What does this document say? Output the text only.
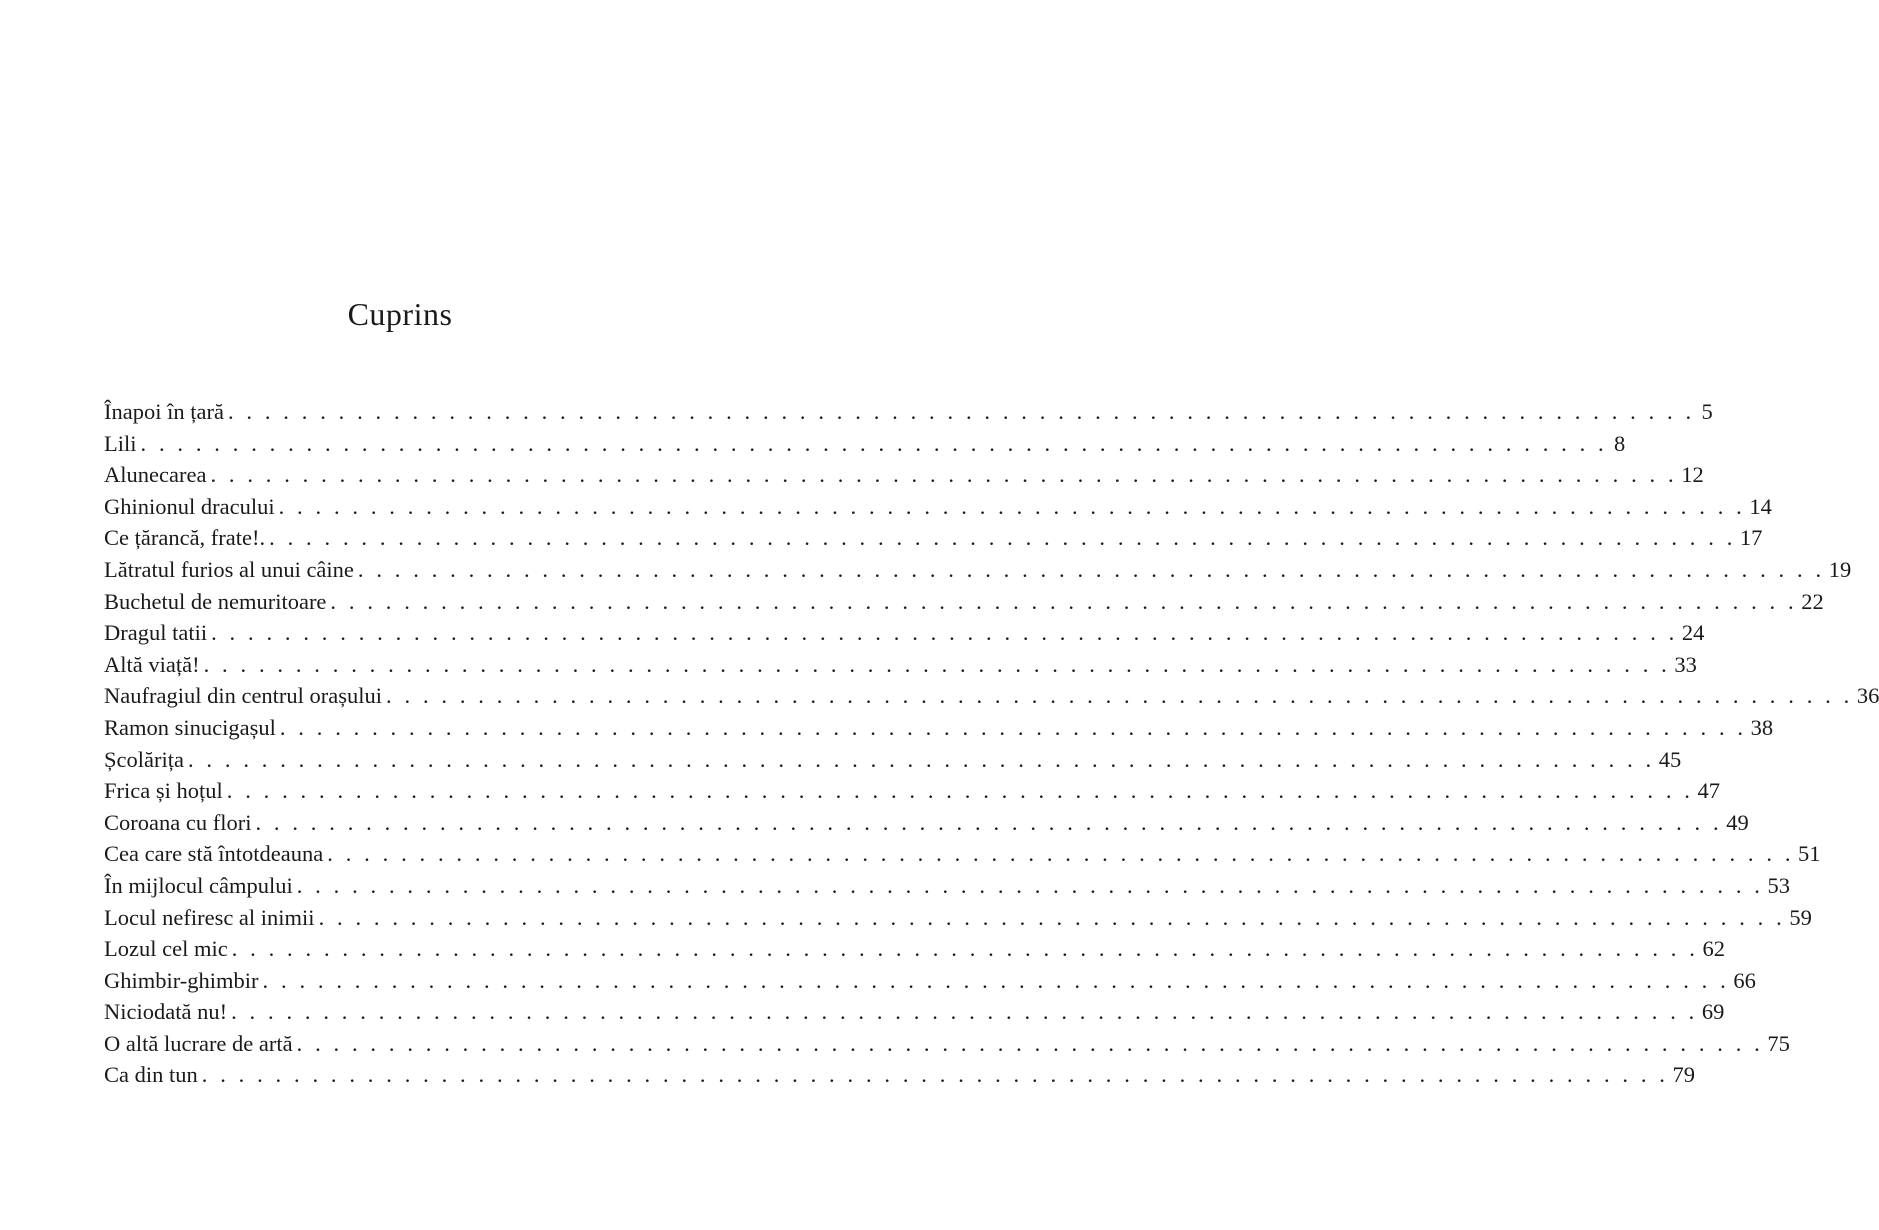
Cuprins
Înapoi în țară . . . . . . . . . . . . . . . . . . . . . . . . . . . . . . . . . . . . . . . . . . . . . . . . . . . . . . . . . . . . . . . . . . . . . . . . . . . . . . . . 5
Lili . . . . . . . . . . . . . . . . . . . . . . . . . . . . . . . . . . . . . . . . . . . . . . . . . . . . . . . . . . . . . . . . . . . . . . . . . . . . . . . . 8
Alunecarea . . . . . . . . . . . . . . . . . . . . . . . . . . . . . . . . . . . . . . . . . . . . . . . . . . . . . . . . . . . . . . . . . . . . . . . . . . . . . . . . 12
Ghinionul dracului . . . . . . . . . . . . . . . . . . . . . . . . . . . . . . . . . . . . . . . . . . . . . . . . . . . . . . . . . . . . . . . . . . . . . . . . . . . . . . . . 14
Ce țărancă, frate!. . . . . . . . . . . . . . . . . . . . . . . . . . . . . . . . . . . . . . . . . . . . . . . . . . . . . . . . . . . . . . . . . . . . . . . . . . . . . . . . . 17
Lătratul furios al unui câine . . . . . . . . . . . . . . . . . . . . . . . . . . . . . . . . . . . . . . . . . . . . . . . . . . . . . . . . . . . . . . . . . . . . . . . . . . . . . . . . 19
Buchetul de nemuritoare . . . . . . . . . . . . . . . . . . . . . . . . . . . . . . . . . . . . . . . . . . . . . . . . . . . . . . . . . . . . . . . . . . . . . . . . . . . . . . . . 22
Dragul tatii . . . . . . . . . . . . . . . . . . . . . . . . . . . . . . . . . . . . . . . . . . . . . . . . . . . . . . . . . . . . . . . . . . . . . . . . . . . . . . . . 24
Altă viață! . . . . . . . . . . . . . . . . . . . . . . . . . . . . . . . . . . . . . . . . . . . . . . . . . . . . . . . . . . . . . . . . . . . . . . . . . . . . . . . . 33
Naufragiul din centrul orașului . . . . . . . . . . . . . . . . . . . . . . . . . . . . . . . . . . . . . . . . . . . . . . . . . . . . . . . . . . . . . . . . . . . . . . . . . . . . . . . . 36
Ramon sinucigașul . . . . . . . . . . . . . . . . . . . . . . . . . . . . . . . . . . . . . . . . . . . . . . . . . . . . . . . . . . . . . . . . . . . . . . . . . . . . . . . . 38
Școlărița . . . . . . . . . . . . . . . . . . . . . . . . . . . . . . . . . . . . . . . . . . . . . . . . . . . . . . . . . . . . . . . . . . . . . . . . . . . . . . . . 45
Frica și hoțul . . . . . . . . . . . . . . . . . . . . . . . . . . . . . . . . . . . . . . . . . . . . . . . . . . . . . . . . . . . . . . . . . . . . . . . . . . . . . . . . 47
Coroana cu flori . . . . . . . . . . . . . . . . . . . . . . . . . . . . . . . . . . . . . . . . . . . . . . . . . . . . . . . . . . . . . . . . . . . . . . . . . . . . . . . . 49
Cea care stă întotdeauna . . . . . . . . . . . . . . . . . . . . . . . . . . . . . . . . . . . . . . . . . . . . . . . . . . . . . . . . . . . . . . . . . . . . . . . . . . . . . . . . 51
În mijlocul câmpului . . . . . . . . . . . . . . . . . . . . . . . . . . . . . . . . . . . . . . . . . . . . . . . . . . . . . . . . . . . . . . . . . . . . . . . . . . . . . . . . 53
Locul nefiresc al inimii . . . . . . . . . . . . . . . . . . . . . . . . . . . . . . . . . . . . . . . . . . . . . . . . . . . . . . . . . . . . . . . . . . . . . . . . . . . . . . . . 59
Lozul cel mic . . . . . . . . . . . . . . . . . . . . . . . . . . . . . . . . . . . . . . . . . . . . . . . . . . . . . . . . . . . . . . . . . . . . . . . . . . . . . . . . 62
Ghimbir-ghimbir . . . . . . . . . . . . . . . . . . . . . . . . . . . . . . . . . . . . . . . . . . . . . . . . . . . . . . . . . . . . . . . . . . . . . . . . . . . . . . . . 66
Niciodată nu! . . . . . . . . . . . . . . . . . . . . . . . . . . . . . . . . . . . . . . . . . . . . . . . . . . . . . . . . . . . . . . . . . . . . . . . . . . . . . . . . 69
O altă lucrare de artă . . . . . . . . . . . . . . . . . . . . . . . . . . . . . . . . . . . . . . . . . . . . . . . . . . . . . . . . . . . . . . . . . . . . . . . . . . . . . . . . 75
Ca din tun . . . . . . . . . . . . . . . . . . . . . . . . . . . . . . . . . . . . . . . . . . . . . . . . . . . . . . . . . . . . . . . . . . . . . . . . . . . . . . . . 79
